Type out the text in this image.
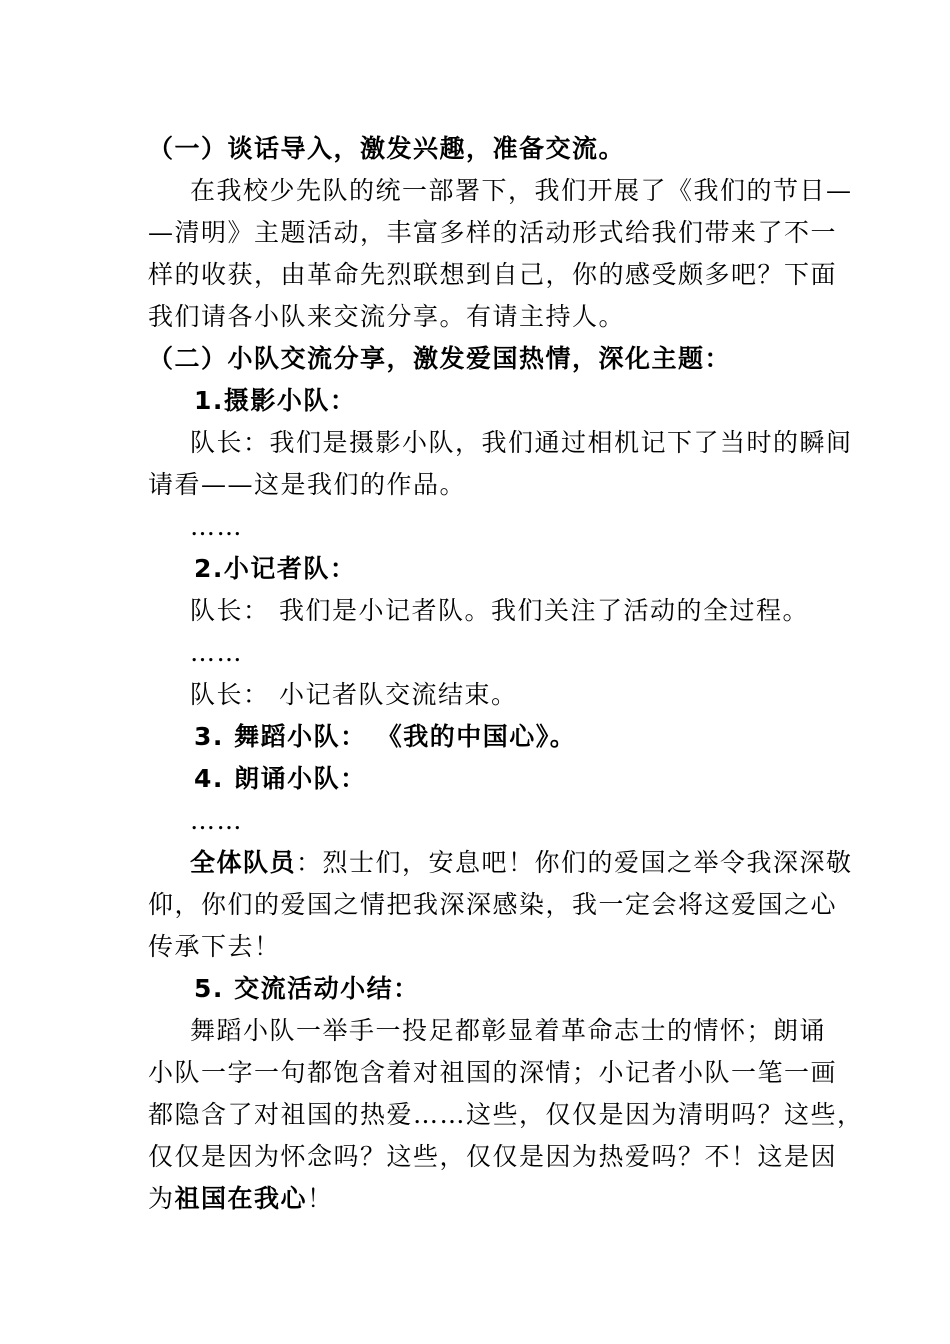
（一）谈话导入，激发兴趣，准备交流。
在我校少先队的统一部署下，我们开展了《我们的节日—
—清明》主题活动，丰富多样的活动形式给我们带来了不一
样的收获，由革命先烈联想到自己，你的感受颇多吧？下面
我们请各小队来交流分享。有请主持人。
（二）小队交流分享，激发爱国热情，深化主题：
1.摄影小队：
队长：我们是摄影小队，我们通过相机记下了当时的瞬间
请看——这是我们的作品。
……
2.小记者队：
队长： 我们是小记者队。我们关注了活动的全过程。
……
队长： 小记者队交流结束。
3. 舞蹈小队： 《我的中国心》。
4. 朗诵小队：
……
全体队员：烈士们，安息吧！你们的爱国之举令我深深敬
仰，你们的爱国之情把我深深感染，我一定会将这爱国之心
传承下去！
5. 交流活动小结：
舞蹈小队一举手一投足都彰显着革命志士的情怀；朗诵
小队一字一句都饱含着对祖国的深情；小记者小队一笔一画
都隐含了对祖国的热爱……这些，仅仅是因为清明吗？这些，
仅仅是因为怀念吗？这些，仅仅是因为热爱吗？不！这是因
为祖国在我心！
